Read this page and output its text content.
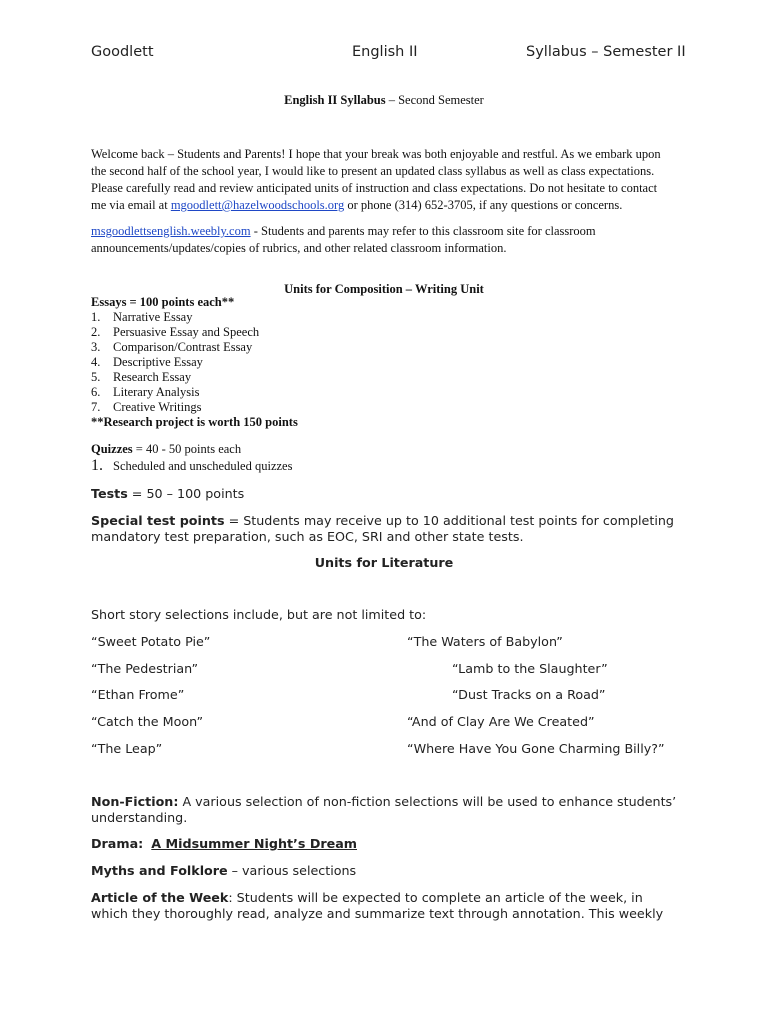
Goodlett	English II	Syllabus – Semester II
English II Syllabus – Second Semester
Welcome back – Students and Parents! I hope that your break was both enjoyable and restful. As we embark upon
the second half of the school year, I would like to present an updated class syllabus as well as class expectations.
Please carefully read and review anticipated units of instruction and class expectations. Do not hesitate to contact
me via email at mgoodlett@hazelwoodschools.org or phone (314) 652-3705, if any questions or concerns.
msgoodlettsenglish.weebly.com - Students and parents may refer to this classroom site for classroom
announcements/updates/copies of rubrics, and other related classroom information.
Units for Composition – Writing Unit
Essays = 100 points each**
1. Narrative Essay
2. Persuasive Essay and Speech
3. Comparison/Contrast Essay
4. Descriptive Essay
5. Research Essay
6. Literary Analysis
7. Creative Writings
**Research project is worth 150 points
Quizzes = 40 - 50 points each
1. Scheduled and unscheduled quizzes
Tests = 50 – 100 points
Special test points = Students may receive up to 10 additional test points for completing
mandatory test preparation, such as EOC, SRI and other state tests.
Units for Literature
Short story selections include, but are not limited to:
“Sweet Potato Pie”
“The Pedestrian”
“Ethan Frome”
“Catch the Moon”
“The Leap”
“The Waters of Babylon”
“Lamb to the Slaughter”
“Dust Tracks on a Road”
“And of Clay Are We Created”
“Where Have You Gone Charming Billy?”
Non-Fiction: A various selection of non-fiction selections will be used to enhance students’
understanding.
Drama: A Midsummer Night’s Dream
Myths and Folklore – various selections
Article of the Week: Students will be expected to complete an article of the week, in
which they thoroughly read, analyze and summarize text through annotation. This weekly
